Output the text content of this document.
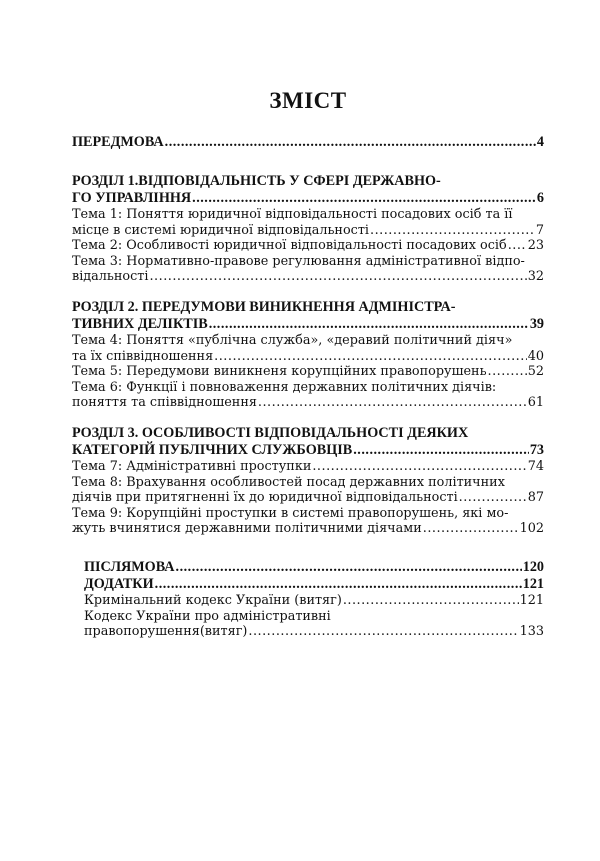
ЗМІСТ
ПЕРЕДМОВА .....	4
РОЗДІЛ 1.ВІДПОВІДАЛЬНІСТЬ У СФЕРІ ДЕРЖАВНО-
ГО УПРАВЛІННЯ .....	6
Тема 1: Поняття юридичної відповідальності посадових осіб та її
місце в системі юридичної відповідальності .....	7
Тема 2: Особливості юридичної відповідальності посадових осіб ..... 23
Тема 3: Нормативно-правове регулювання адміністративної відпо-
відальності .....	32
РОЗДІЛ 2. ПЕРЕДУМОВИ ВИНИКНЕННЯ АДМІНІСТРА-
ТИВНИХ ДЕЛІКТІВ .....	39
Тема 4: Поняття «публічна служба», «деравий політичний діяч»
та їх співвідношення .....	40
Тема 5: Передумови виникненя корупційних правопорушень .....	52
Тема 6: Функції і повноваження державних політичних діячів:
поняття та співвідношення .....	61
РОЗДІЛ 3. ОСОБЛИВОСТІ ВІДПОВІДАЛЬНОСТІ ДЕЯКИХ
КАТЕГОРІЙ ПУБЛІЧНИХ СЛУЖБОВЦІВ .....	73
Тема 7: Адміністративні проступки .....	74
Тема 8: Врахування особливостей посад державних політичних
діячів при притягненні їх до юридичної відповідальності .....	87
Тема 9: Корупційні проступки в системі правопорушень, які мо-
жуть вчинятися державними політичними діячами .....	102
ПІСЛЯМОВА .....	120
ДОДАТКИ .....	121
Кримінальний кодекс України (витяг) .....	121
Кодекс України про адміністративні
правопорушення(витяг) .....	133
